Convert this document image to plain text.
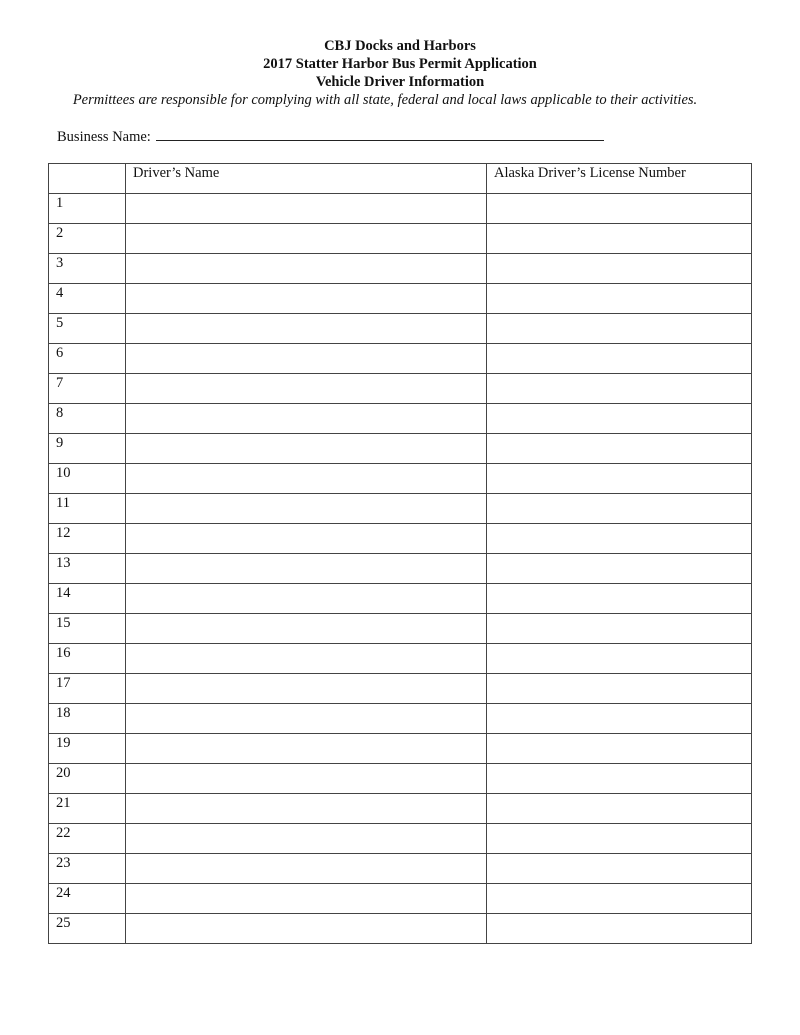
CBJ Docks and Harbors
2017 Statter Harbor Bus Permit Application
Vehicle Driver Information
Permittees are responsible for complying with all state, federal and local laws applicable to their activities.
Business Name:
	Driver’s Name	Alaska Driver’s License Number
1		
2		
3		
4		
5		
6		
7		
8		
9		
10		
11		
12		
13		
14		
15		
16		
17		
18		
19		
20		
21		
22		
23		
24		
25		
